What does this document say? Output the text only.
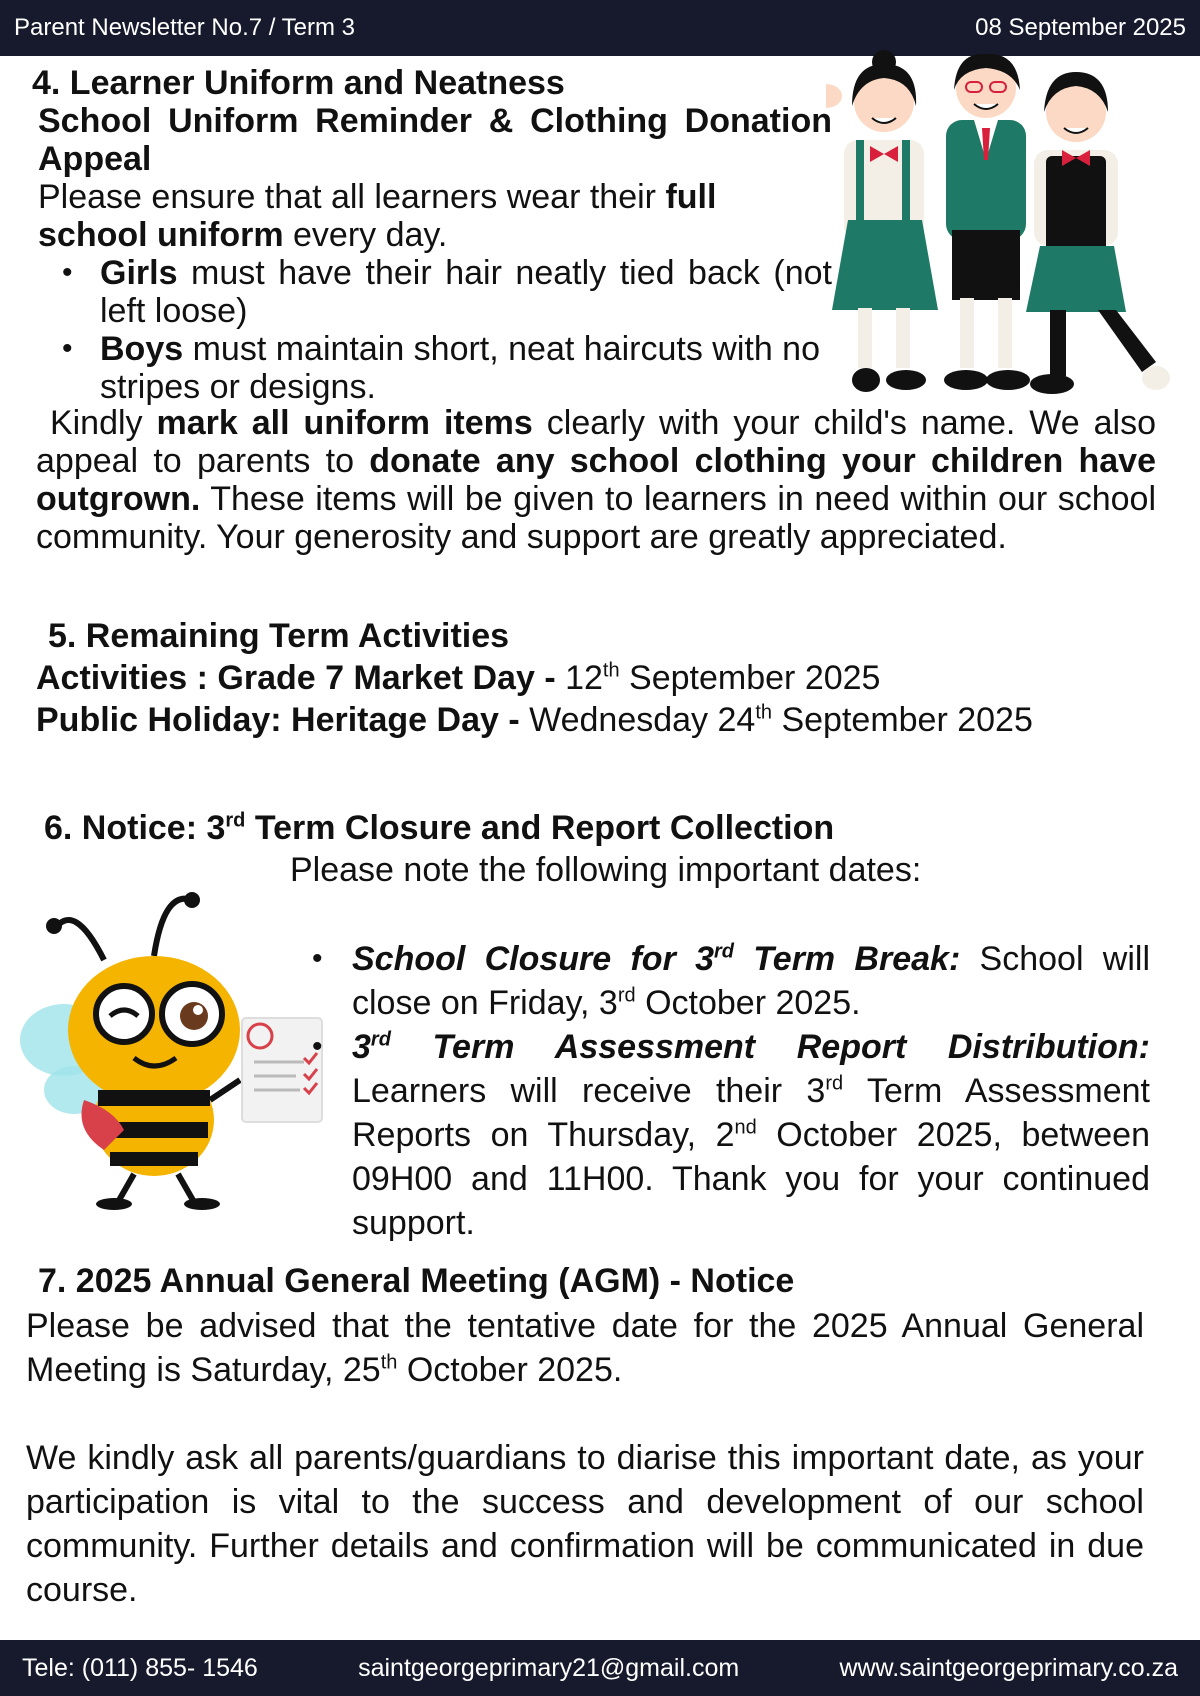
Parent Newsletter No.7 / Term 3	08 September 2025
4. Learner Uniform and Neatness
School Uniform Reminder & Clothing Donation Appeal
Please ensure that all learners wear their full school uniform every day.
• Girls must have their hair neatly tied back (not left loose)
• Boys must maintain short, neat haircuts with no stripes or designs.
Kindly mark all uniform items clearly with your child's name. We also appeal to parents to donate any school clothing your children have outgrown. These items will be given to learners in need within our school community. Your generosity and support are greatly appreciated.
5. Remaining Term Activities
Activities : Grade 7 Market Day - 12th September 2025
Public Holiday: Heritage Day - Wednesday 24th September 2025
6. Notice: 3rd Term Closure and Report Collection
Please note the following important dates:
• School Closure for 3rd Term Break: School will close on Friday, 3rd October 2025.
• 3rd Term Assessment Report Distribution: Learners will receive their 3rd Term Assessment Reports on Thursday, 2nd October 2025, between 09H00 and 11H00. Thank you for your continued support.
7. 2025 Annual General Meeting (AGM) - Notice
Please be advised that the tentative date for the 2025 Annual General Meeting is Saturday, 25th October 2025.
We kindly ask all parents/guardians to diarise this important date, as your participation is vital to the success and development of our school community. Further details and confirmation will be communicated in due course.
Tele: (011) 855- 1546	saintgeorgeprimary21@gmail.com	www.saintgeorgeprimary.co.za
